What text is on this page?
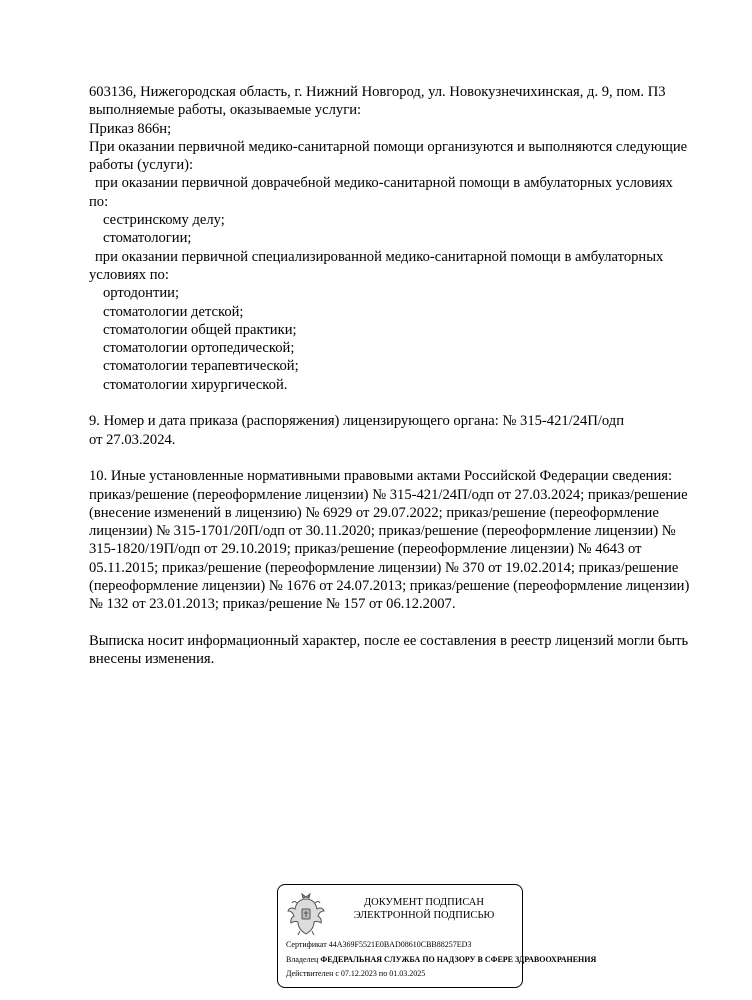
603136, Нижегородская область, г. Нижний Новгород, ул. Новокузнечихинская, д. 9, пом. П3
выполняемые работы, оказываемые услуги:
Приказ 866н;
При оказании первичной медико-санитарной помощи организуются и выполняются следующие
работы (услуги):
при оказании первичной доврачебной медико-санитарной помощи в амбулаторных условиях
по:
сестринскому делу;
стоматологии;
при оказании первичной специализированной медико-санитарной помощи в амбулаторных
условиях по:
ортодонтии;
стоматологии детской;
стоматологии общей практики;
стоматологии ортопедической;
стоматологии терапевтической;
стоматологии хирургической.
9. Номер и дата приказа (распоряжения) лицензирующего органа: № 315-421/24П/одп
от 27.03.2024.
10. Иные установленные нормативными правовыми актами Российской Федерации сведения:
приказ/решение (переоформление лицензии) № 315-421/24П/одп от 27.03.2024; приказ/решение
(внесение изменений в лицензию) № 6929 от 29.07.2022; приказ/решение (переоформление
лицензии) № 315-1701/20П/одп от 30.11.2020; приказ/решение (переоформление лицензии) №
315-1820/19П/одп от 29.10.2019; приказ/решение (переоформление лицензии) № 4643 от
05.11.2015; приказ/решение (переоформление лицензии) № 370 от 19.02.2014; приказ/решение
(переоформление лицензии) № 1676 от 24.07.2013; приказ/решение (переоформление лицензии)
№ 132 от 23.01.2013; приказ/решение № 157 от 06.12.2007.
Выписка носит информационный характер, после ее составления в реестр лицензий могли быть
внесены изменения.
ДОКУМЕНТ ПОДПИСАН
ЭЛЕКТРОННОЙ ПОДПИСЬЮ
Сертификат 44A369F5521E0BAD08610CBB88257ED3
Владелец ФЕДЕРАЛЬНАЯ СЛУЖБА ПО НАДЗОРУ В СФЕРЕ ЗДРАВООХРАНЕНИЯ
Действителен с 07.12.2023 по 01.03.2025
